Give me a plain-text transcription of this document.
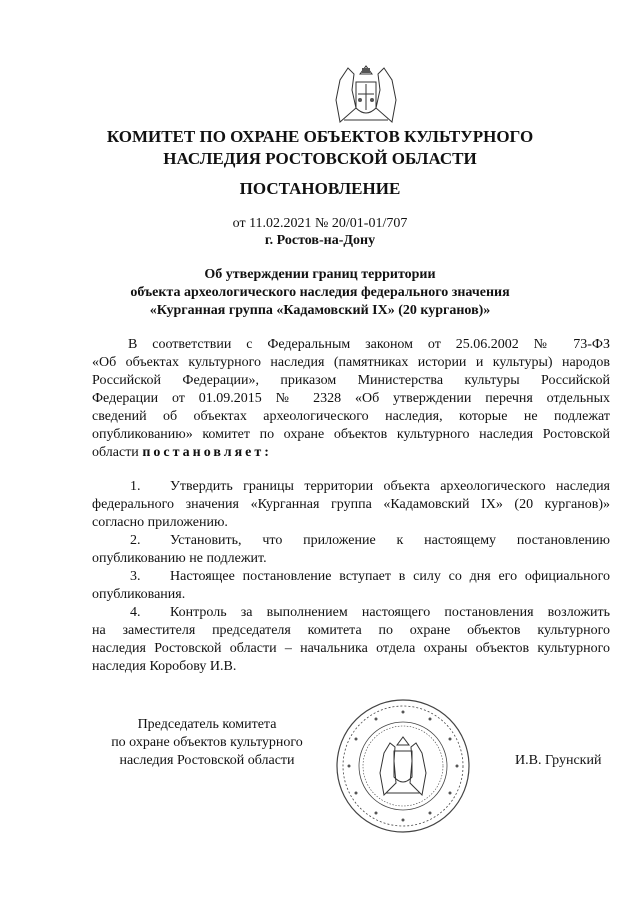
КОМИТЕТ ПО ОХРАНЕ ОБЪЕКТОВ КУЛЬТУРНОГО
НАСЛЕДИЯ РОСТОВСКОЙ ОБЛАСТИ
ПОСТАНОВЛЕНИЕ
от 11.02.2021 № 20/01-01/707
г. Ростов-на-Дону
Об утверждении границ территории
объекта археологического наследия федерального значения
«Курганная группа «Кадамовский IX» (20 курганов)»
В соответствии с Федеральным законом от 25.06.2002 № 73-ФЗ
«Об объектах культурного наследия (памятниках истории и культуры) народов
Российской Федерации», приказом Министерства культуры Российской
Федерации от 01.09.2015 № 2328 «Об утверждении перечня отдельных
сведений об объектах археологического наследия, которые не подлежат
опубликованию» комитет по охране объектов культурного наследия Ростовской
области постановляет:
1. Утвердить границы территории объекта археологического наследия
федерального значения «Курганная группа «Кадамовский IX» (20 курганов)»
согласно приложению.
2. Установить, что приложение к настоящему постановлению
опубликованию не подлежит.
3. Настоящее постановление вступает в силу со дня его официального
опубликования.
4. Контроль за выполнением настоящего постановления возложить
на заместителя председателя комитета по охране объектов культурного
наследия Ростовской области – начальника отдела охраны объектов культурного
наследия Коробову И.В.
Председатель комитета
по охране объектов культурного
наследия Ростовской области	И.В. Грунский
